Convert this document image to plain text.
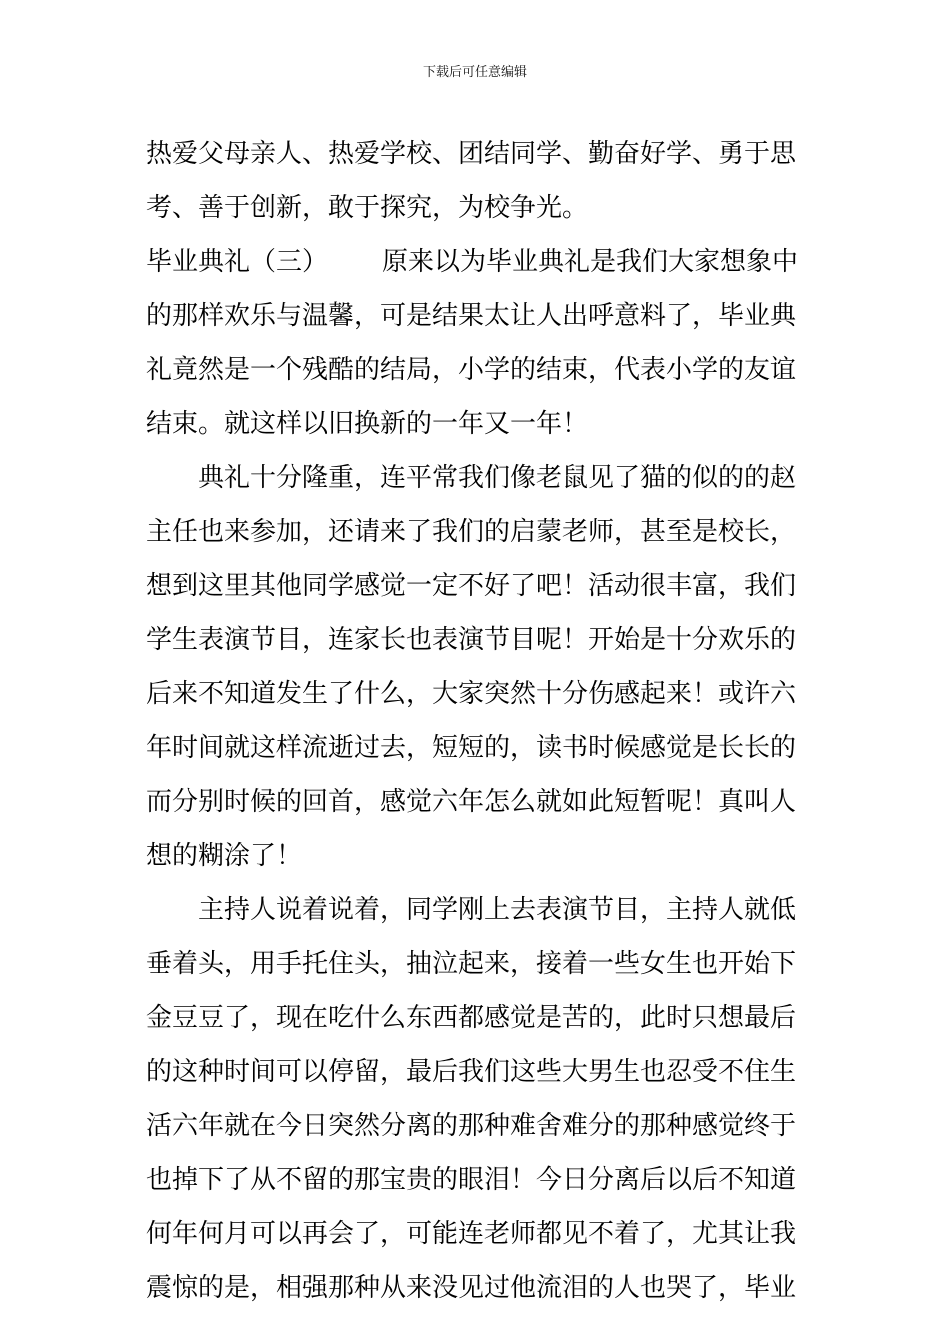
下载后可任意编辑
热爱父母亲人、热爱学校、团结同学、勤奋好学、勇于思
考、善于创新，敢于探究，为校争光。
毕业典礼（三） 原来以为毕业典礼是我们大家想象中
的那样欢乐与温馨，可是结果太让人出呼意料了，毕业典
礼竟然是一个残酷的结局，小学的结束，代表小学的友谊
结束。就这样以旧换新的一年又一年！
　　典礼十分隆重，连平常我们像老鼠见了猫的似的的赵
主任也来参加，还请来了我们的启蒙老师，甚至是校长，
想到这里其他同学感觉一定不好了吧！活动很丰富，我们
学生表演节目，连家长也表演节目呢！开始是十分欢乐的
后来不知道发生了什么，大家突然十分伤感起来！或许六
年时间就这样流逝过去，短短的，读书时候感觉是长长的
而分别时候的回首，感觉六年怎么就如此短暂呢！真叫人
想的糊涂了！
　　主持人说着说着，同学刚上去表演节目，主持人就低
垂着头，用手托住头，抽泣起来，接着一些女生也开始下
金豆豆了，现在吃什么东西都感觉是苦的，此时只想最后
的这种时间可以停留，最后我们这些大男生也忍受不住生
活六年就在今日突然分离的那种难舍难分的那种感觉终于
也掉下了从不留的那宝贵的眼泪！今日分离后以后不知道
何年何月可以再会了，可能连老师都见不着了，尤其让我
震惊的是，相强那种从来没见过他流泪的人也哭了，毕业
